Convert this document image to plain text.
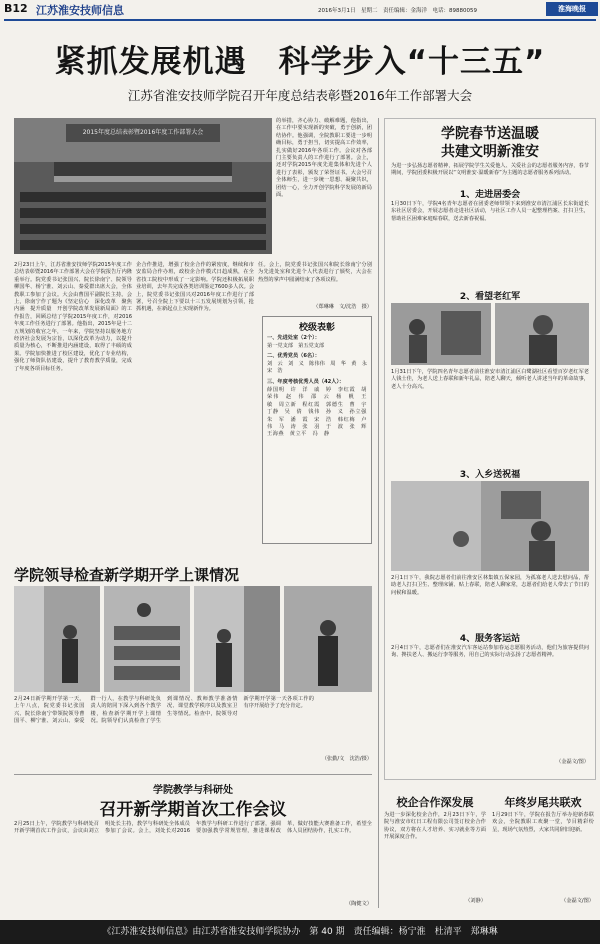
B12 江苏淮安技师信息	2016年3月1日　星期二　责任编辑：金海洋　电话：89880059	淮海晚报
紧抓发展机遇　科学步入“十三五”
江苏省淮安技师学院召开年度总结表彰暨2016年工作部署大会
2015年度总结表彰暨2016年度工作部署大会
的举措，齐心协力、破解难题，他指出，在工作中要实现新的突破，勇于创新，团结协作。他强调，全院教职工要进一步明确目标，勇于担当，切实提高工作效率，扎实做好2016年各项工作。会议对各部门主要负责人的工作进行了部署。会上，还对学院2015年度先进集体和先进个人进行了表彰，颁发了荣誉证书。大会号召全体师生，进一步统一思想、凝聚共识，团结一心，全力开创学院科学发展的新局面。
2月23日上午，江苏省淮安技师学院2015年度工作总结表彰暨2016年工作部署大会在学院报告厅内隆重举行。院党委书记张国兴、院长徐南宁、院领导柳国华、杨宁淮、刘云山、秦爱群出席大会，全体教职工参加了会议。大会由曹国平副院长主持。会上，徐南宁作了题为《坚定信心　深化改革　聚焦内涵　提升质量　开创学院改革发展新局面》的工作报告，回顾总结了学院2015年度工作，对2016年度工作任务进行了部署。他指出，2015年是十二五规划的收官之年，一年来，学院坚持以服务地方经济社会发展为宗旨，以深化改革为动力，以提升质量为核心，不断推进内涵建设，取得了丰硕的成果。学院加快推进了校区建设，优化了专业结构，强化了师资队伍建设，提升了教育教学质量，完成了年度各项目标任务。
企合作推进，增强了校企合作的紧密度，继续和市安监局合作办班，政校企合作模式日趋成熟，在全省技工院校中形成了一定影响。学院还积极拓展职业培训，去年共完成各类培训鉴定7600多人次。会上，院党委书记张国兴对2016年度工作进行了部署，号召全院上下要以十三五发展规划为引领，抢抓机遇，在新起点上实现新作为。
任。会上，院党委书记张国兴和院长徐南宁分别为先进处室和先进个人代表进行了颁奖，大会在热烈的掌声中圆满结束了各项议程。
（郑琳琳　文/沈浩　摄）
校级表彰
一、先进处室（2个）：
第一党支部　第五党支部
二、优秀党员（6名）：
刘　云　刘　义　陈伟伟　周　华　黄　永　宋　浩
三、年度考核优秀人员（42人）：
薛国明　许　洋　戚　婷　李红霞　胡荣伟　赵　伟　邵　云　杨　帆　王　敏　周立新　程红霞　郭德生　曹　宇　丁静　吴　倩　钱伟　孙　义　孙立强　朱　军　潘　霞　宋　浩　韩红梅　卢　伟　马　涛　张　羽　于　波　张　辉　王海燕　黄立平　冯　静
学院春节送温暖
共建文明新淮安
为进一步弘扬志愿者精神，拓展学院学生关爱他人、关爱社会的志愿者服务内容，春节期间，学院团委积极开展以“文明淮安·温暖新春”为主题的志愿者服务系列活动。
1、走进居委会
1月30日下午，学院4名青年志愿者在团委老师带领下来到淮安市清江浦区长东街道长东社区居委会，开展志愿者走进社区活动，与社区工作人员一起整理档案、打扫卫生，帮助社区困难家庭贴春联，送去新春祝福。
2、看望老红军
1月31日下午，学院四名青年志愿者前往淮安市清江浦区白鹭湖社区看望百岁老红军老人钱士佳，为老人送上春联和新年礼品，陪老人聊天，倾听老人讲述当年的革命故事，老人十分高兴。
3、入乡送祝福
2月1日下午，我院志愿者们前往淮安区林集镇五保家园，为孤寡老人送去慰问品，帮助老人打扫卫生、整理床铺、贴上春联，陪老人聊家常，志愿者们给老人带去了节日的问候和温暖。
4、服务客运站
2月4日下午，志愿者们在淮安汽车客运站参加春运志愿服务活动，他们为旅客提供问询、搀扶老人、搬运行李等服务，用自己的实际行动弘扬了志愿者精神。
（金磊文/图）
学院领导检查新学期开学上课情况
2月24日新学期开学第一天，上午八点，院党委书记张国兴、院长徐南宁带领院领导曹国平、柳宁淮、刘云山、秦爱群一行人，在教学与科研处负责人的陪同下深入到各个教学楼，检查新学期开学上课情况。院领导们认真检查了学生到课情况、教师教学准备情况、课堂教学秩序以及教室卫生等情况。检查中，院领导对新学期开学第一天各项工作的有序开展给予了充分肯定。
（张勤/文　沈浩/摄）
学院教学与科研处
召开新学期首次工作会议
2月25日上午，学院教学与科研处召开新学期首次工作会议，会议由刘立明处长主持，教学与科研处全体成员参加了会议。会上，刘处长对2016年教学与科研工作进行了部署，强调要加强教学常规管理，推进课程改革，做好技能大赛准备工作，希望全体人员团结协作，扎实工作。
（陶健文）
校企合作深发展
为进一步深化校企合作，2月23日下午，学院与淮安市红日工程有限公司签订校企合作协议，双方将在人才培养、实习就业等方面开展深度合作。
（刘静）
年终岁尾共联欢
1月29日下午，学院在报告厅举办迎新春联欢会，全院教职工欢聚一堂，节目精彩纷呈，现场气氛热烈，大家共同辞旧迎新。
（金磊文/图）
《江苏淮安技师信息》由江苏省淮安技师学院协办　第 40 期　责任编辑：杨宁淮　杜清平　郑琳琳
